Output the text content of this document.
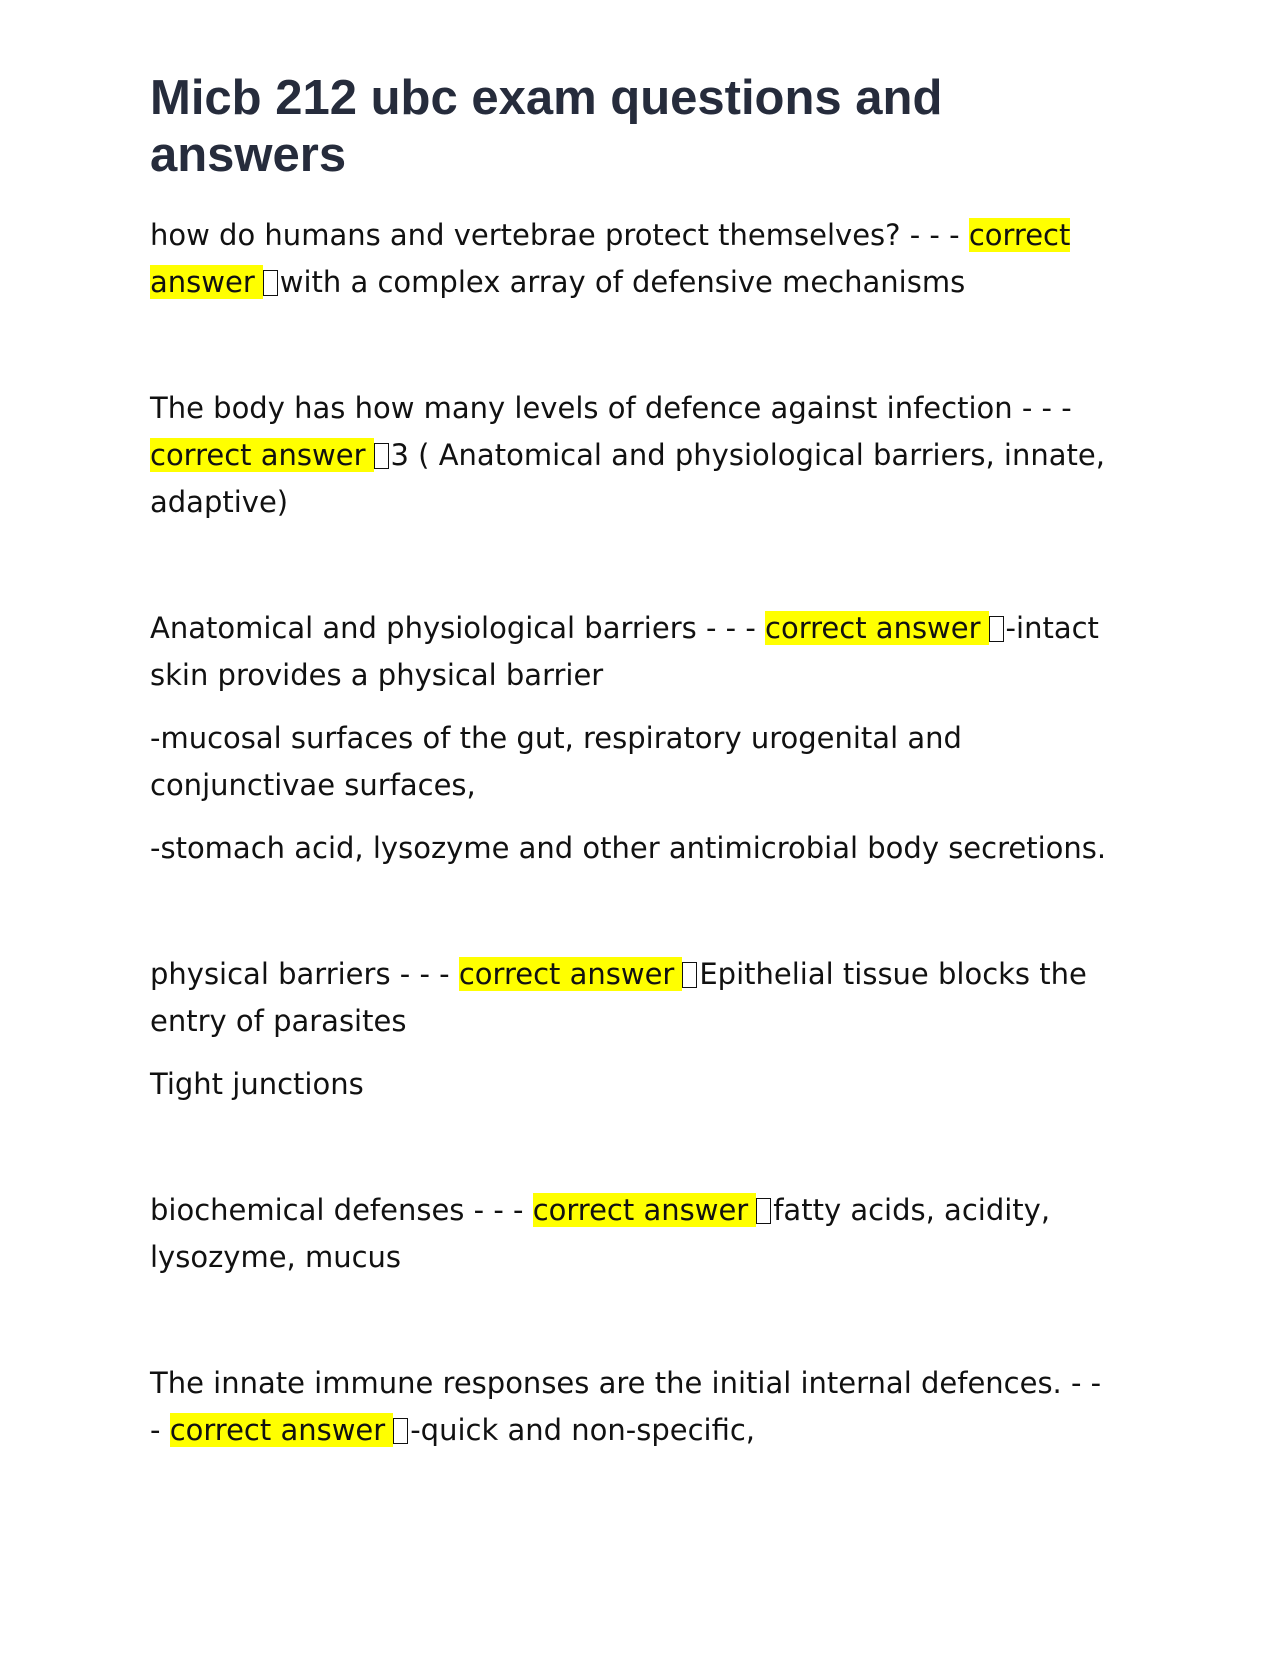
Micb 212 ubc exam questions and answers

how do humans and vertebrae protect themselves? - - - correct answer with a complex array of defensive mechanisms

The body has how many levels of defence against infection - - - correct answer 3 ( Anatomical and physiological barriers, innate, adaptive)

Anatomical and physiological barriers - - - correct answer -intact skin provides a physical barrier

-mucosal surfaces of the gut, respiratory urogenital and conjunctivae surfaces,

-stomach acid, lysozyme and other antimicrobial body secretions.

physical barriers - - - correct answer Epithelial tissue blocks the entry of parasites

Tight junctions

biochemical defenses - - - correct answer fatty acids, acidity, lysozyme, mucus

The innate immune responses are the initial internal defences. - - - correct answer -quick and non-specific,
